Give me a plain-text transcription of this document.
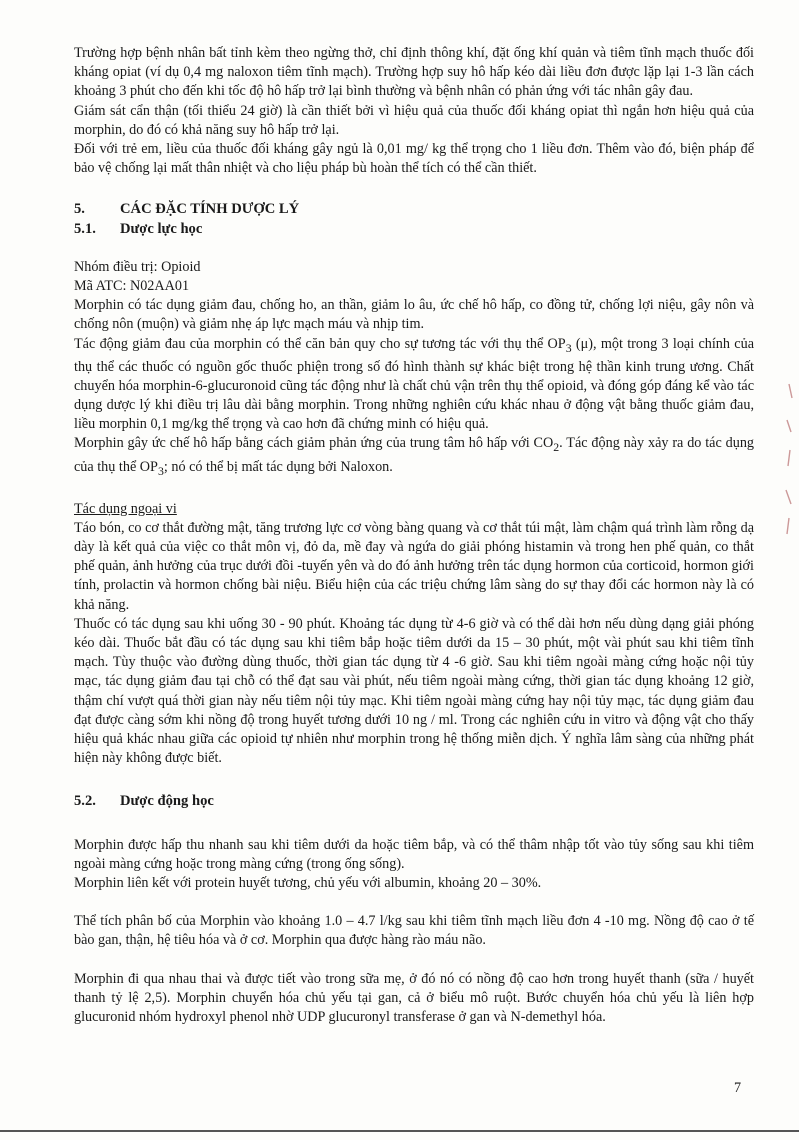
Trường hợp bệnh nhân bất tỉnh kèm theo ngừng thở, chỉ định thông khí, đặt ống khí quản và tiêm tĩnh mạch thuốc đối kháng opiat (ví dụ 0,4 mg naloxon tiêm tĩnh mạch). Trường hợp suy hô hấp kéo dài liều đơn được lặp lại 1-3 lần cách khoảng 3 phút cho đến khi tốc độ hô hấp trở lại bình thường và bệnh nhân có phản ứng với tác nhân gây đau.

Giám sát cẩn thận (tối thiểu 24 giờ) là cần thiết bởi vì hiệu quả của thuốc đối kháng opiat thì ngắn hơn hiệu quả của morphin, do đó có khả năng suy hô hấp trở lại.

Đối với trẻ em, liều của thuốc đối kháng gây ngủ là 0,01 mg/ kg thể trọng cho 1 liều đơn. Thêm vào đó, biện pháp để bảo vệ chống lại mất thân nhiệt và cho liệu pháp bù hoàn thể tích có thể cần thiết.

5. CÁC ĐẶC TÍNH DƯỢC LÝ
5.1. Dược lực học

Nhóm điều trị: Opioid

Mã ATC: N02AA01

Morphin có tác dụng giảm đau, chống ho, an thần, giảm lo âu, ức chế hô hấp, co đồng tử, chống lợi niệu, gây nôn và chống nôn (muộn) và giảm nhẹ áp lực mạch máu và nhịp tim.

Tác động giảm đau của morphin có thể căn bản quy cho sự tương tác với thụ thể $OP_3$ (μ), một trong 3 loại chính của thụ thể các thuốc có nguồn gốc thuốc phiện trong số đó hình thành sự khác biệt trong hệ thần kinh trung ương. Chất chuyển hóa morphin-6-glucuronoid cũng tác động như là chất chủ vận trên thụ thể opioid, và đóng góp đáng kể vào tác dụng dược lý khi điều trị lâu dài bằng morphin. Trong những nghiên cứu khác nhau ở động vật bằng thuốc giảm đau, liều morphin 0,1 mg/kg thể trọng và cao hơn đã chứng minh có hiệu quả.

Morphin gây ức chế hô hấp bằng cách giảm phản ứng của trung tâm hô hấp với $CO_2$. Tác động này xảy ra do tác dụng của thụ thể $OP_3$; nó có thể bị mất tác dụng bởi Naloxon.

Tác dụng ngoại vi

Táo bón, co cơ thắt đường mật, tăng trương lực cơ vòng bàng quang và cơ thắt túi mật, làm chậm quá trình làm rỗng dạ dày là kết quả của việc co thắt môn vị, đỏ da, mề đay và ngứa do giải phóng histamin và trong hen phế quản, co thắt phế quản, ảnh hưởng của trục dưới đồi -tuyến yên và do đó ảnh hưởng trên tác dụng hormon của corticoid, hormon giới tính, prolactin và hormon chống bài niệu. Biểu hiện của các triệu chứng lâm sàng do sự thay đổi các hormon này là có khả năng.

Thuốc có tác dụng sau khi uống 30 - 90 phút. Khoảng tác dụng từ 4-6 giờ và có thể dài hơn nếu dùng dạng giải phóng kéo dài. Thuốc bắt đầu có tác dụng sau khi tiêm bắp hoặc tiêm dưới da 15 – 30 phút, một vài phút sau khi tiêm tĩnh mạch. Tùy thuộc vào đường dùng thuốc, thời gian tác dụng từ 4 -6 giờ. Sau khi tiêm ngoài màng cứng hoặc nội tủy mạc, tác dụng giảm đau tại chỗ có thể đạt sau vài phút, nếu tiêm ngoài màng cứng, thời gian tác dụng khoảng 12 giờ, thậm chí vượt quá thời gian này nếu tiêm nội tủy mạc. Khi tiêm ngoài màng cứng hay nội tủy mạc, tác dụng giảm đau đạt được càng sớm khi nồng độ trong huyết tương dưới 10 ng / ml. Trong các nghiên cứu in vitro và động vật cho thấy hiệu quả khác nhau giữa các opioid tự nhiên như morphin trong hệ thống miễn dịch. Ý nghĩa lâm sàng của những phát hiện này không được biết.

5.2. Dược động học

Morphin được hấp thu nhanh sau khi tiêm dưới da hoặc tiêm bắp, và có thể thâm nhập tốt vào tủy sống sau khi tiêm ngoài màng cứng hoặc trong màng cứng (trong ống sống).

Morphin liên kết với protein huyết tương, chủ yếu với albumin, khoảng 20 – 30%.

Thể tích phân bố của Morphin vào khoảng 1.0 – 4.7 l/kg sau khi tiêm tĩnh mạch liều đơn 4 -10 mg. Nồng độ cao ở tế bào gan, thận, hệ tiêu hóa và ở cơ. Morphin qua được hàng rào máu não.

Morphin đi qua nhau thai và được tiết vào trong sữa mẹ, ở đó nó có nồng độ cao hơn trong huyết thanh (sữa / huyết thanh tỷ lệ 2,5). Morphin chuyển hóa chủ yếu tại gan, cả ở biểu mô ruột. Bước chuyển hóa chủ yếu là liên hợp glucuronid nhóm hydroxyl phenol nhờ UDP glucuronyl transferase ở gan và N-demethyl hóa.

7
